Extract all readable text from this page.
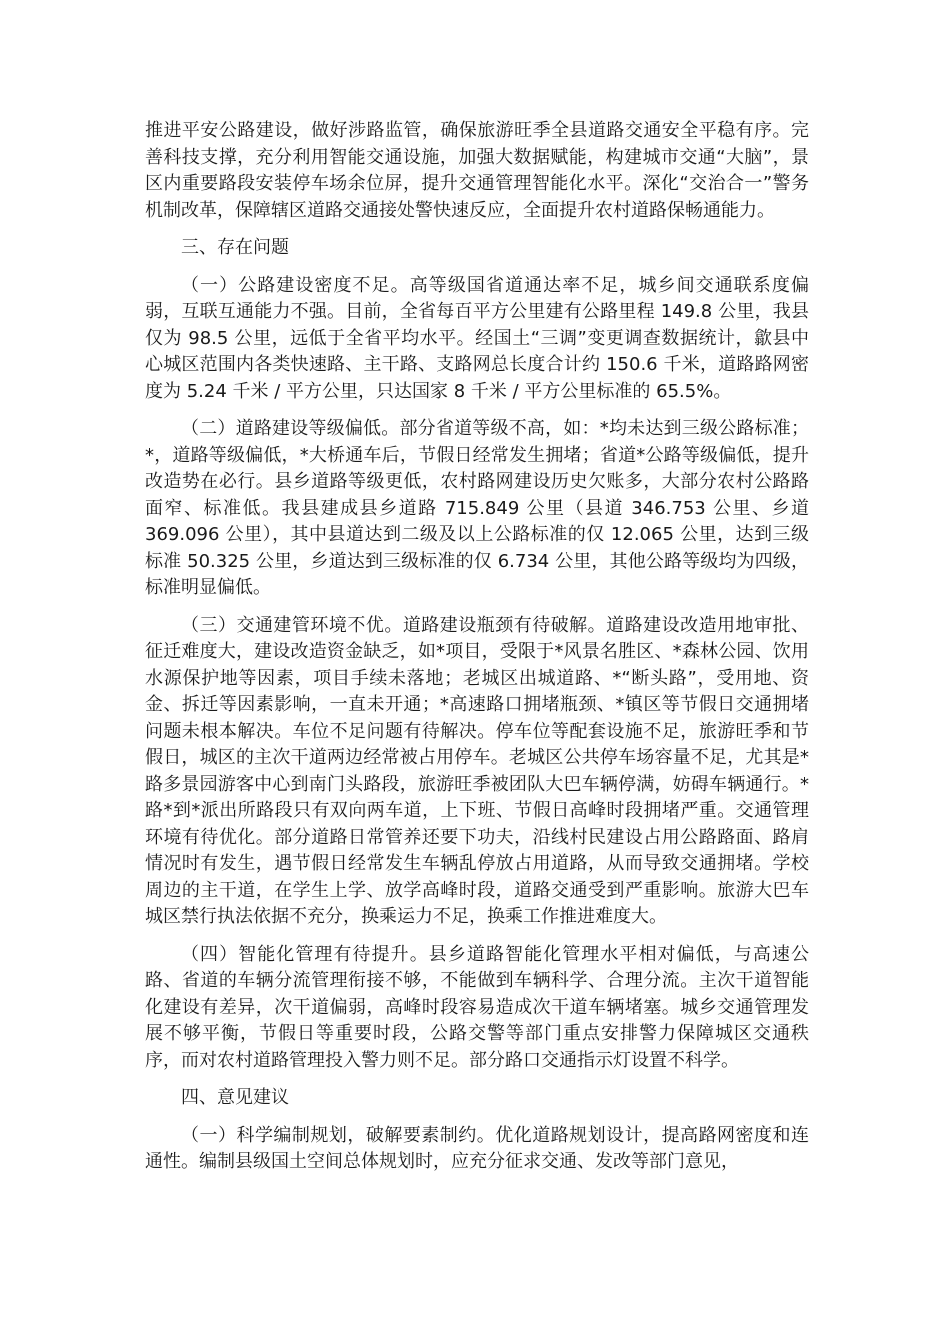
推进平安公路建设，做好涉路监管，确保旅游旺季全县道路交通安全平稳有序。完善科技支撑，充分利用智能交通设施，加强大数据赋能，构建城市交通“大脑”，景区内重要路段安装停车场余位屏，提升交通管理智能化水平。深化“交治合一”警务机制改革，保障辖区道路交通接处警快速反应，全面提升农村道路保畅通能力。

三、存在问题

（一）公路建设密度不足。高等级国省道通达率不足，城乡间交通联系度偏弱，互联互通能力不强。目前，全省每百平方公里建有公路里程 149.8 公里，我县仅为 98.5 公里，远低于全省平均水平。经国土“三调”变更调查数据统计，歙县中心城区范围内各类快速路、主干路、支路网总长度合计约 150.6 千米，道路路网密度为 5.24 千米 / 平方公里，只达国家 8 千米 / 平方公里标准的 65.5%。

（二）道路建设等级偏低。部分省道等级不高，如：*均未达到三级公路标准；*，道路等级偏低，*大桥通车后，节假日经常发生拥堵；省道*公路等级偏低，提升改造势在必行。县乡道路等级更低，农村路网建设历史欠账多，大部分农村公路路面窄、标准低。我县建成县乡道路 715.849 公里（县道 346.753 公里、乡道 369.096 公里），其中县道达到二级及以上公路标准的仅 12.065 公里，达到三级标准 50.325 公里，乡道达到三级标准的仅 6.734 公里，其他公路等级均为四级，标准明显偏低。

（三）交通建管环境不优。道路建设瓶颈有待破解。道路建设改造用地审批、征迁难度大，建设改造资金缺乏，如*项目，受限于*风景名胜区、*森林公园、饮用水源保护地等因素，项目手续未落地；老城区出城道路、*“断头路”，受用地、资金、拆迁等因素影响，一直未开通；*高速路口拥堵瓶颈、*镇区等节假日交通拥堵问题未根本解决。车位不足问题有待解决。停车位等配套设施不足，旅游旺季和节假日，城区的主次干道两边经常被占用停车。老城区公共停车场容量不足，尤其是*路多景园游客中心到南门头路段，旅游旺季被团队大巴车辆停满，妨碍车辆通行。*路*到*派出所路段只有双向两车道，上下班、节假日高峰时段拥堵严重。交通管理环境有待优化。部分道路日常管养还要下功夫，沿线村民建设占用公路路面、路肩情况时有发生，遇节假日经常发生车辆乱停放占用道路，从而导致交通拥堵。学校周边的主干道，在学生上学、放学高峰时段，道路交通受到严重影响。旅游大巴车城区禁行执法依据不充分，换乘运力不足，换乘工作推进难度大。

（四）智能化管理有待提升。县乡道路智能化管理水平相对偏低，与高速公路、省道的车辆分流管理衔接不够，不能做到车辆科学、合理分流。主次干道智能化建设有差异，次干道偏弱，高峰时段容易造成次干道车辆堵塞。城乡交通管理发展不够平衡，节假日等重要时段，公路交警等部门重点安排警力保障城区交通秩序，而对农村道路管理投入警力则不足。部分路口交通指示灯设置不科学。

四、意见建议

（一）科学编制规划，破解要素制约。优化道路规划设计，提高路网密度和连通性。编制县级国土空间总体规划时，应充分征求交通、发改等部门意见，
